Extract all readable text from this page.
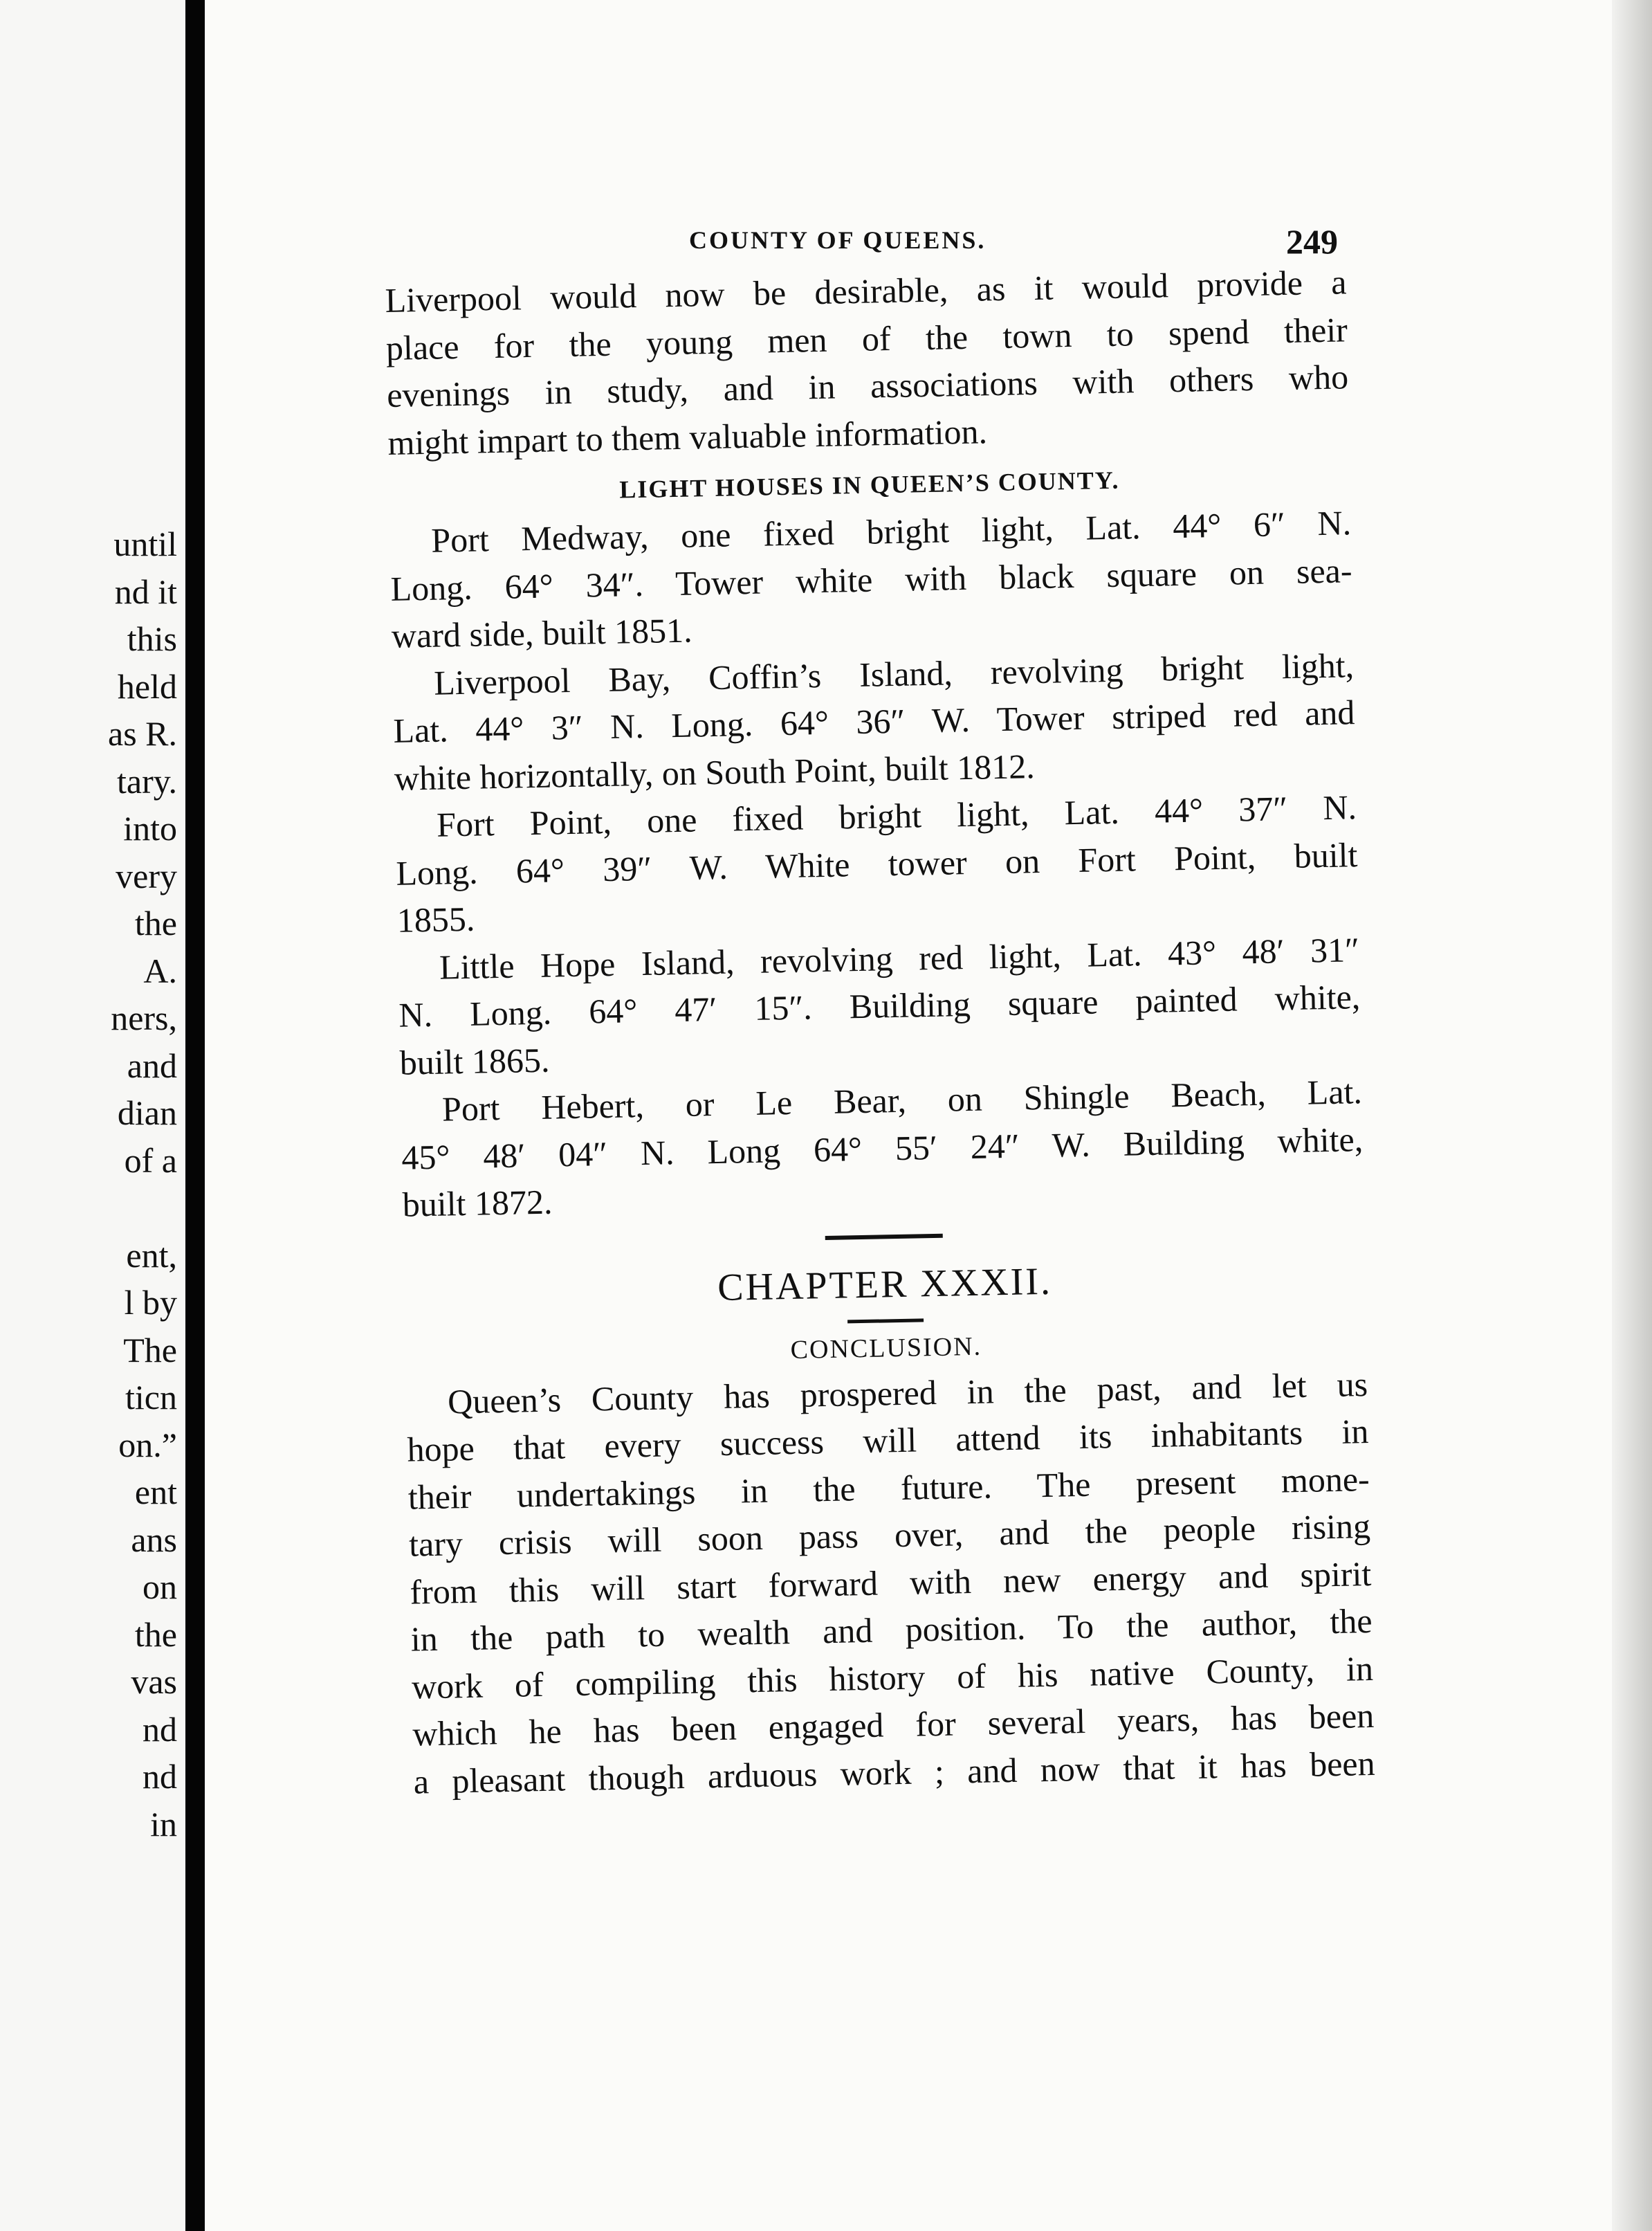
until
nd it
this
held
as R.
tary.
into
very
the
A.
ners,
and
dian
of a
ent,
l by
The
ticn
on.”
ent
ans
on
the
vas
nd
nd
in
COUNTY OF QUEENS.	249
Liverpool would now be desirable, as it would provide a
place for the young men of the town to spend their
evenings in study, and in associations with others who
might impart to them valuable information.
LIGHT HOUSES IN QUEEN’S COUNTY.
Port Medway, one fixed bright light, Lat. 44° 6″ N.
Long. 64° 34″. Tower white with black square on sea-
ward side, built 1851.
Liverpool Bay, Coffin’s Island, revolving bright light,
Lat. 44° 3″ N. Long. 64° 36″ W. Tower striped red and
white horizontally, on South Point, built 1812.
Fort Point, one fixed bright light, Lat. 44° 37″ N.
Long. 64° 39″ W. White tower on Fort Point, built
1855.
Little Hope Island, revolving red light, Lat. 43° 48′ 31″
N. Long. 64° 47′ 15″. Building square painted white,
built 1865.
Port Hebert, or Le Bear, on Shingle Beach, Lat.
45° 48′ 04″ N. Long 64° 55′ 24″ W. Building white,
built 1872.
CHAPTER XXXII.
CONCLUSION.
Queen’s County has prospered in the past, and let us
hope that every success will attend its inhabitants in
their undertakings in the future. The present mone-
tary crisis will soon pass over, and the people rising
from this will start forward with new energy and spirit
in the path to wealth and position. To the author, the
work of compiling this history of his native County, in
which he has been engaged for several years, has been
a pleasant though arduous work ; and now that it has been
